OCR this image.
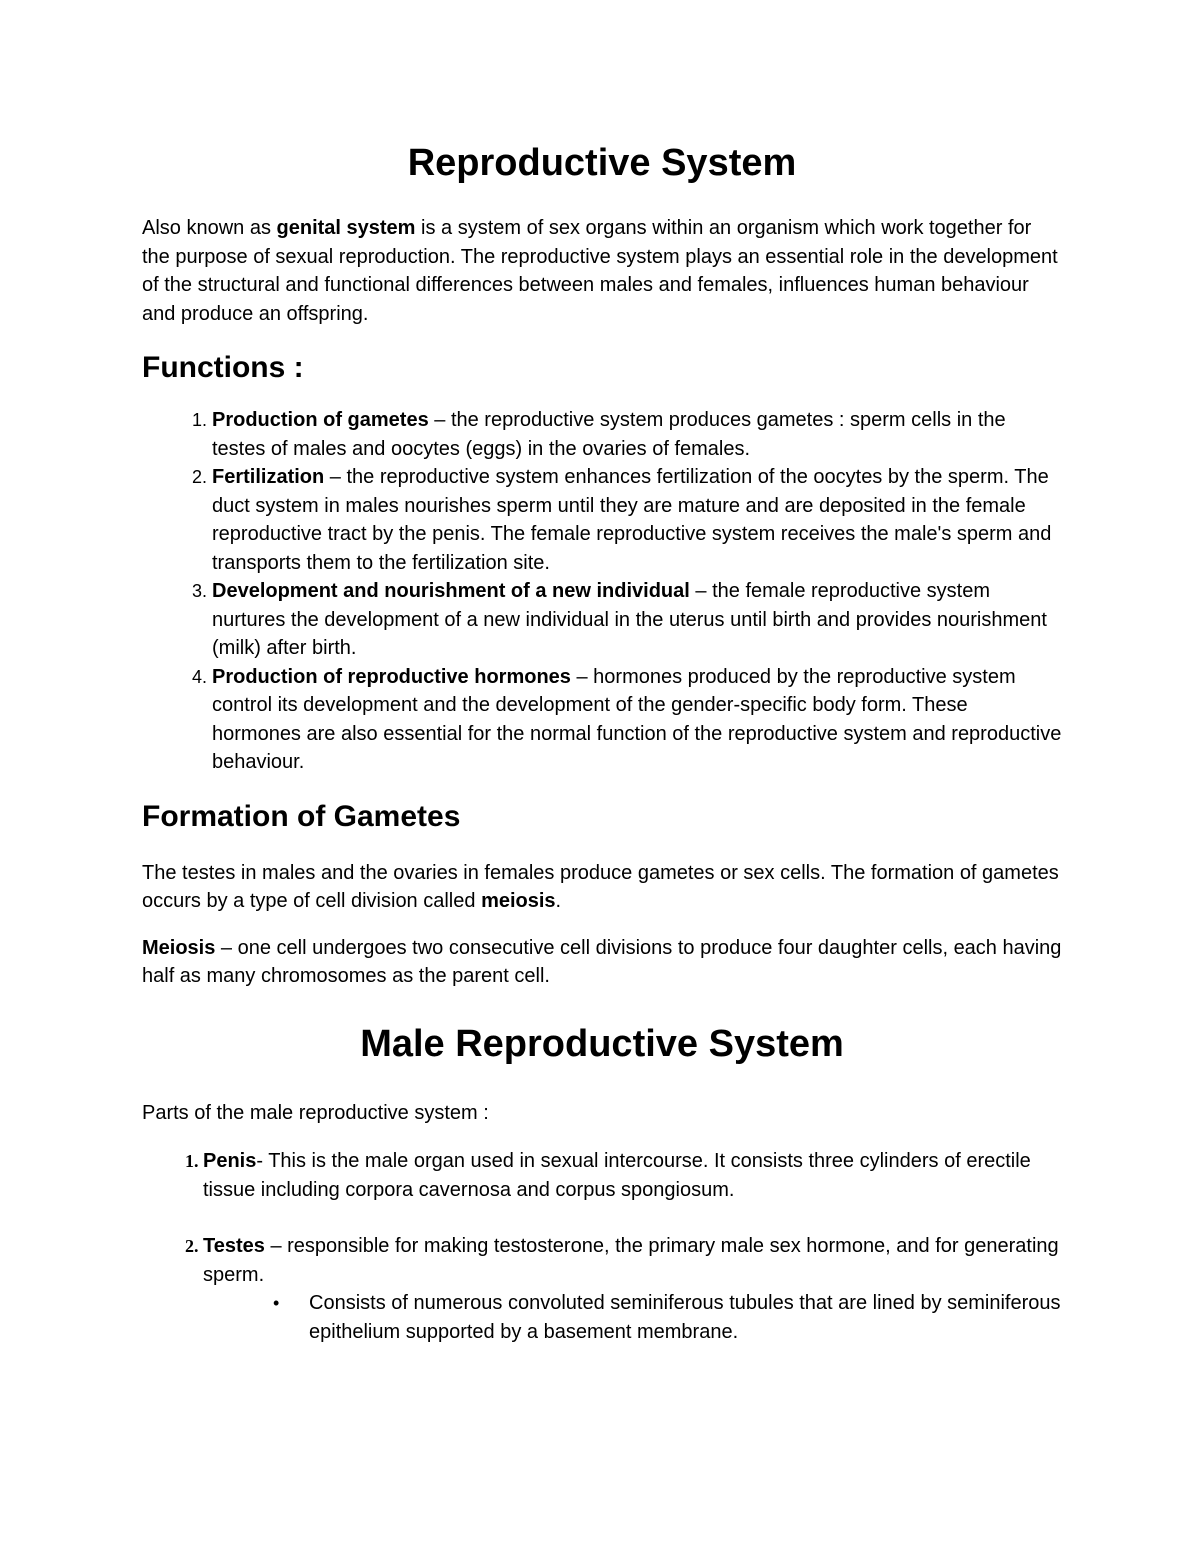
Reproductive System

Also known as genital system is a system of sex organs within an organism which work together for the purpose of sexual reproduction. The reproductive system plays an essential role in the development of the structural and functional differences between males and females, influences human behaviour and produce an offspring.

Functions :
1. Production of gametes – the reproductive system produces gametes : sperm cells in the testes of males and oocytes (eggs) in the ovaries of females.
2. Fertilization – the reproductive system enhances fertilization of the oocytes by the sperm. The duct system in males nourishes sperm until they are mature and are deposited in the female reproductive tract by the penis. The female reproductive system receives the male's sperm and transports them to the fertilization site.
3. Development and nourishment of a new individual – the female reproductive system nurtures the development of a new individual in the uterus until birth and provides nourishment (milk) after birth.
4. Production of reproductive hormones – hormones produced by the reproductive system control its development and the development of the gender-specific body form. These hormones are also essential for the normal function of the reproductive system and reproductive behaviour.
Formation of Gametes

The testes in males and the ovaries in females produce gametes or sex cells. The formation of gametes occurs by a type of cell division called meiosis.

Meiosis – one cell undergoes two consecutive cell divisions to produce four daughter cells, each having half as many chromosomes as the parent cell.

Male Reproductive System

Parts of the male reproductive system :

1. Penis- This is the male organ used in sexual intercourse. It consists three cylinders of erectile tissue including corpora cavernosa and corpus spongiosum.
2. Testes – responsible for making testosterone, the primary male sex hormone, and for generating sperm.
• Consists of numerous convoluted seminiferous tubules that are lined by seminiferous epithelium supported by a basement membrane.
